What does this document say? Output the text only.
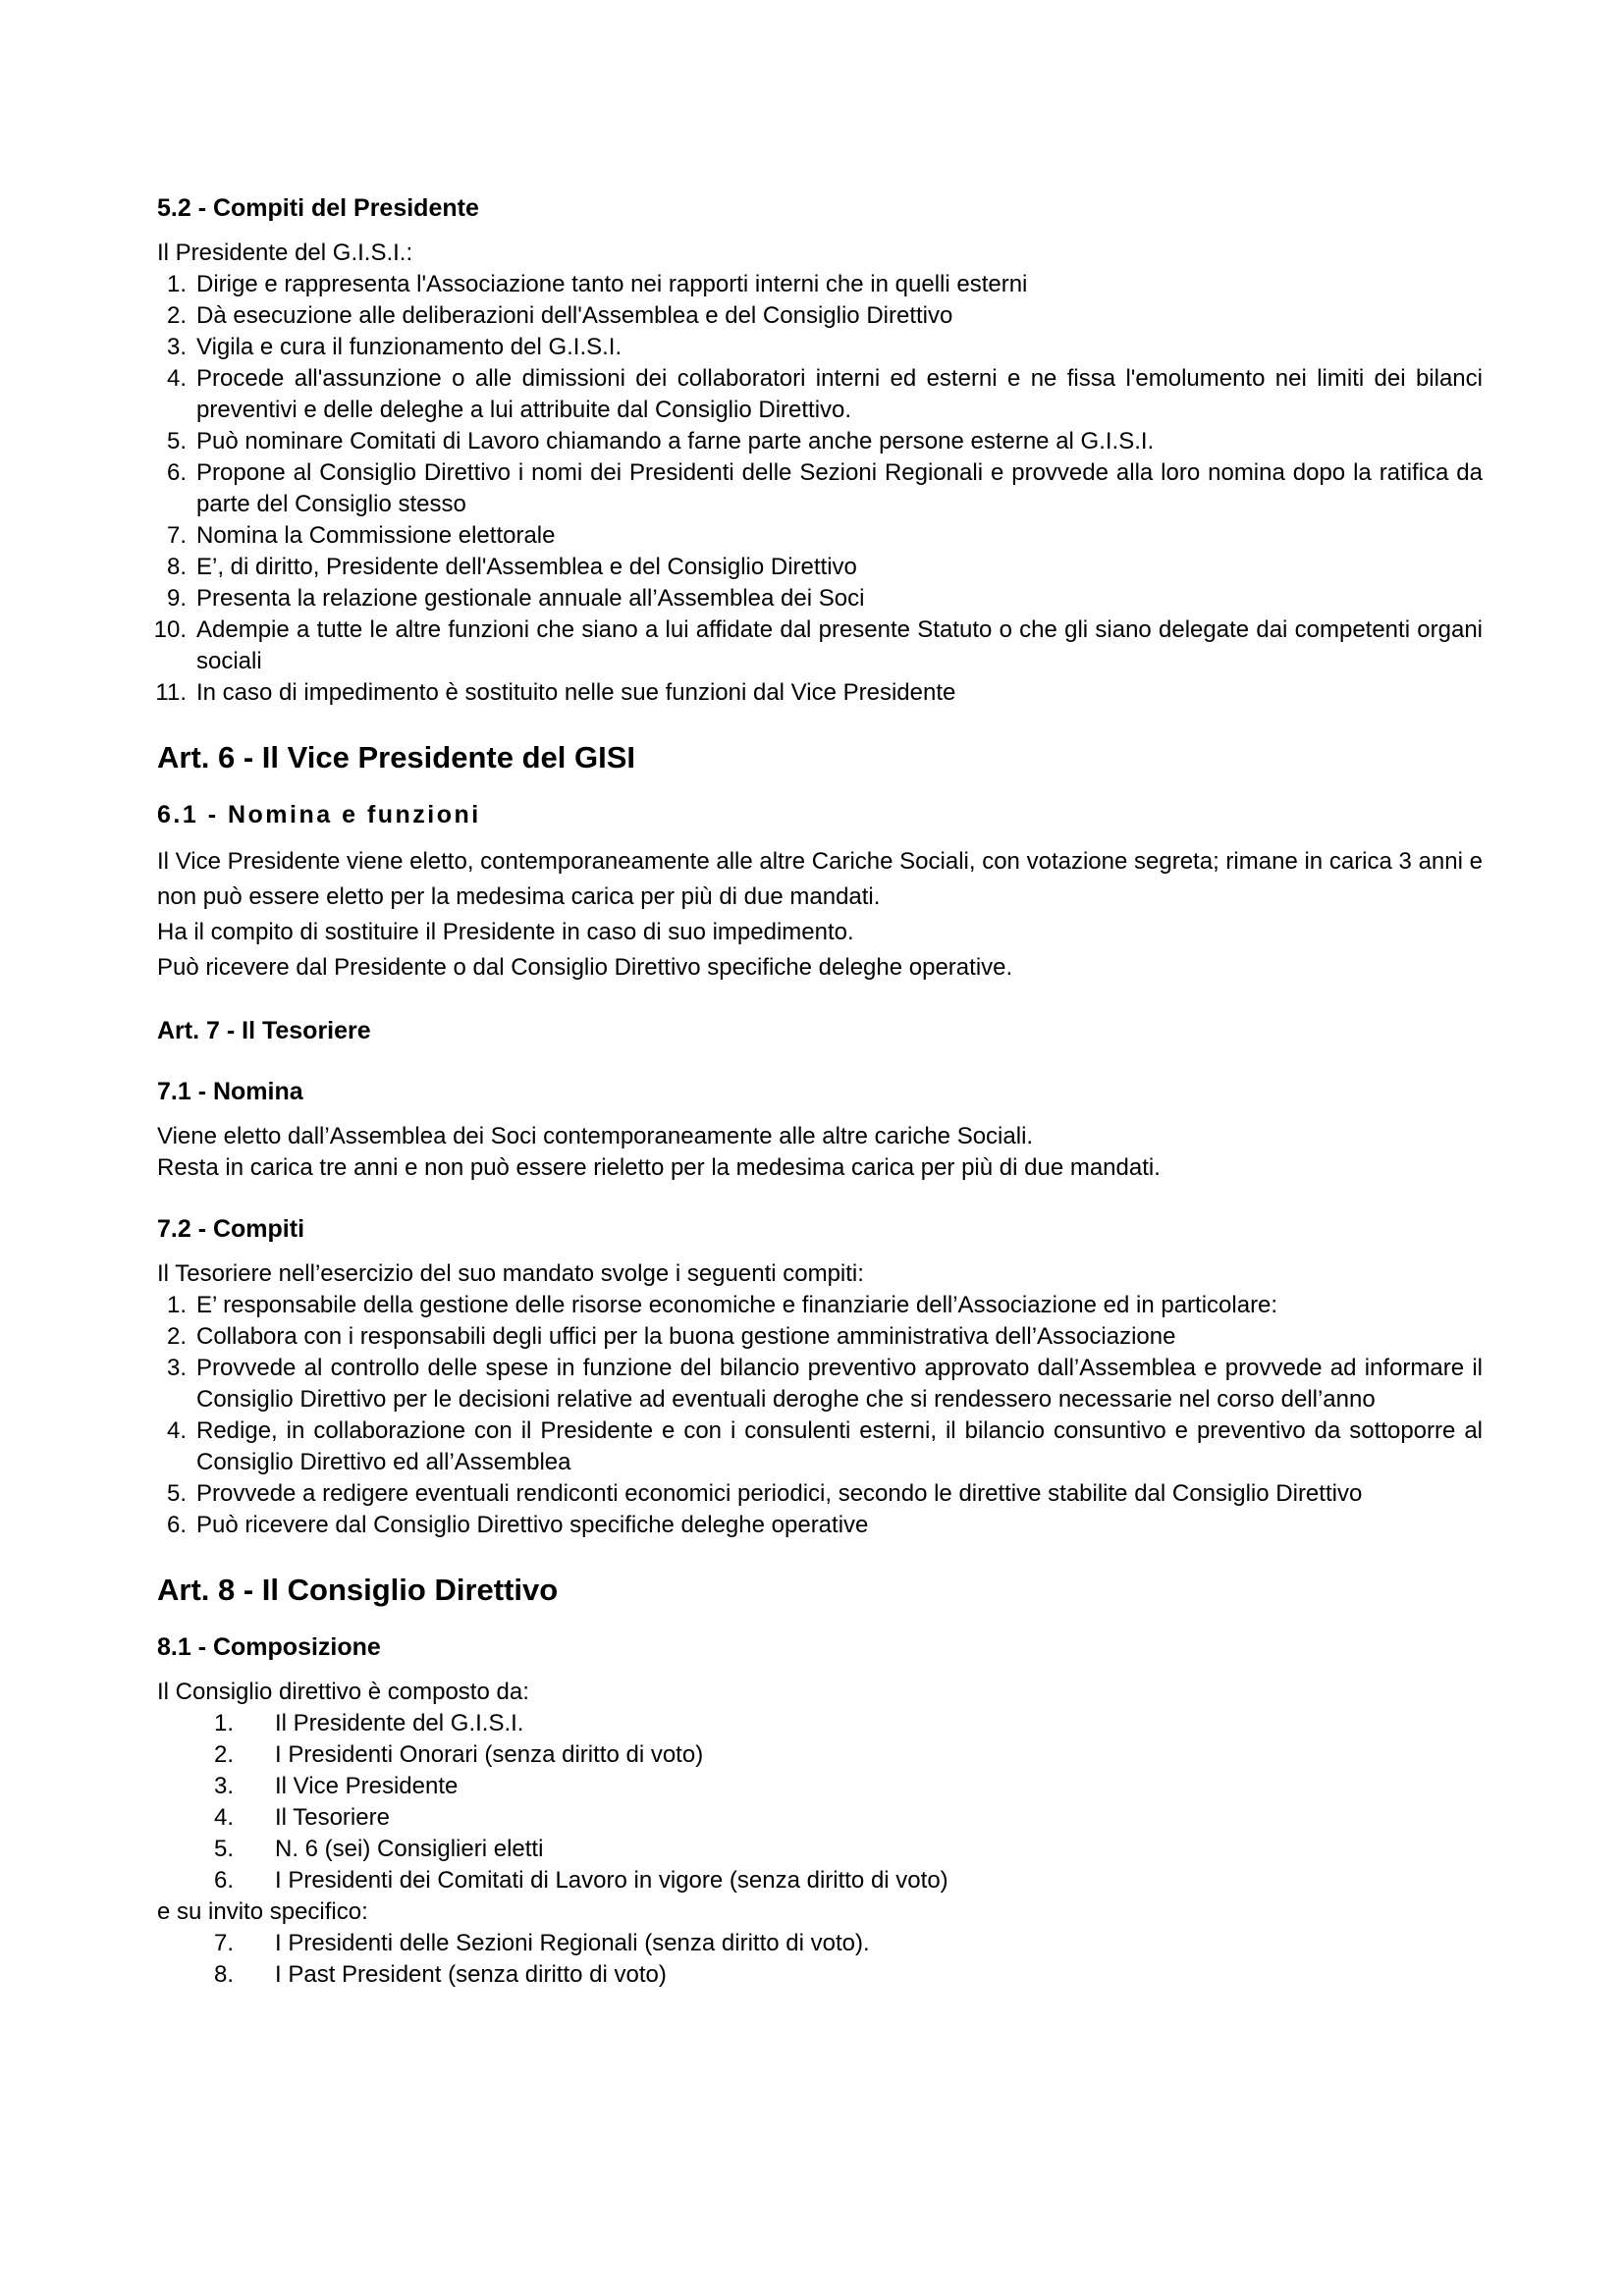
5.2 - Compiti del Presidente

Il Presidente del G.I.S.I.:

1. Dirige e rappresenta l'Associazione tanto nei rapporti interni che in quelli esterni
2. Dà esecuzione alle deliberazioni dell'Assemblea e del Consiglio Direttivo
3. Vigila e cura il funzionamento del G.I.S.I.
4. Procede all'assunzione o alle dimissioni dei collaboratori interni ed esterni e ne fissa l'emolumento nei limiti dei bilanci preventivi e delle deleghe a lui attribuite dal Consiglio Direttivo.
5. Può nominare Comitati di Lavoro chiamando a farne parte anche persone esterne al G.I.S.I.
6. Propone al Consiglio Direttivo i nomi dei Presidenti delle Sezioni Regionali e provvede alla loro nomina dopo la ratifica da parte del Consiglio stesso
7. Nomina la Commissione elettorale
8. E’, di diritto, Presidente dell'Assemblea e del Consiglio Direttivo
9. Presenta la relazione gestionale annuale all’Assemblea dei Soci
10. Adempie a tutte le altre funzioni che siano a lui affidate dal presente Statuto o che gli siano delegate dai competenti organi sociali
11. In caso di impedimento è sostituito nelle sue funzioni dal Vice Presidente
Art. 6 - Il Vice Presidente del GISI
6.1 - Nomina e funzioni

Il Vice Presidente viene eletto, contemporaneamente alle altre Cariche Sociali, con votazione segreta; rimane in carica 3 anni e non può essere eletto per la medesima carica per più di due mandati.

Ha il compito di sostituire il Presidente in caso di suo impedimento.

Può ricevere dal Presidente o dal Consiglio Direttivo specifiche deleghe operative.

Art. 7 - Il Tesoriere
7.1 - Nomina

Viene eletto dall’Assemblea dei Soci contemporaneamente alle altre cariche Sociali.

Resta in carica tre anni e non può essere rieletto per la medesima carica per più di due mandati.

7.2 - Compiti

Il Tesoriere nell’esercizio del suo mandato svolge i seguenti compiti:

1. E’ responsabile della gestione delle risorse economiche e finanziarie dell’Associazione ed in particolare:
2. Collabora con i responsabili degli uffici per la buona gestione amministrativa dell’Associazione
3. Provvede al controllo delle spese in funzione del bilancio preventivo approvato dall’Assemblea e provvede ad informare il Consiglio Direttivo per le decisioni relative ad eventuali deroghe che si rendessero necessarie nel corso dell’anno
4. Redige, in collaborazione con il Presidente e con i consulenti esterni, il bilancio consuntivo e preventivo da sottoporre al Consiglio Direttivo ed all’Assemblea
5. Provvede a redigere eventuali rendiconti economici periodici, secondo le direttive stabilite dal Consiglio Direttivo
6. Può ricevere dal Consiglio Direttivo specifiche deleghe operative
Art. 8 - Il Consiglio Direttivo
8.1 - Composizione

Il Consiglio direttivo è composto da:

1. Il Presidente del G.I.S.I.
2. I Presidenti Onorari (senza diritto di voto)
3. Il Vice Presidente
4. Il Tesoriere
5. N. 6 (sei) Consiglieri eletti
6. I Presidenti dei Comitati di Lavoro in vigore (senza diritto di voto)

e su invito specifico:

7. I Presidenti delle Sezioni Regionali (senza diritto di voto).
8. I Past President (senza diritto di voto)
